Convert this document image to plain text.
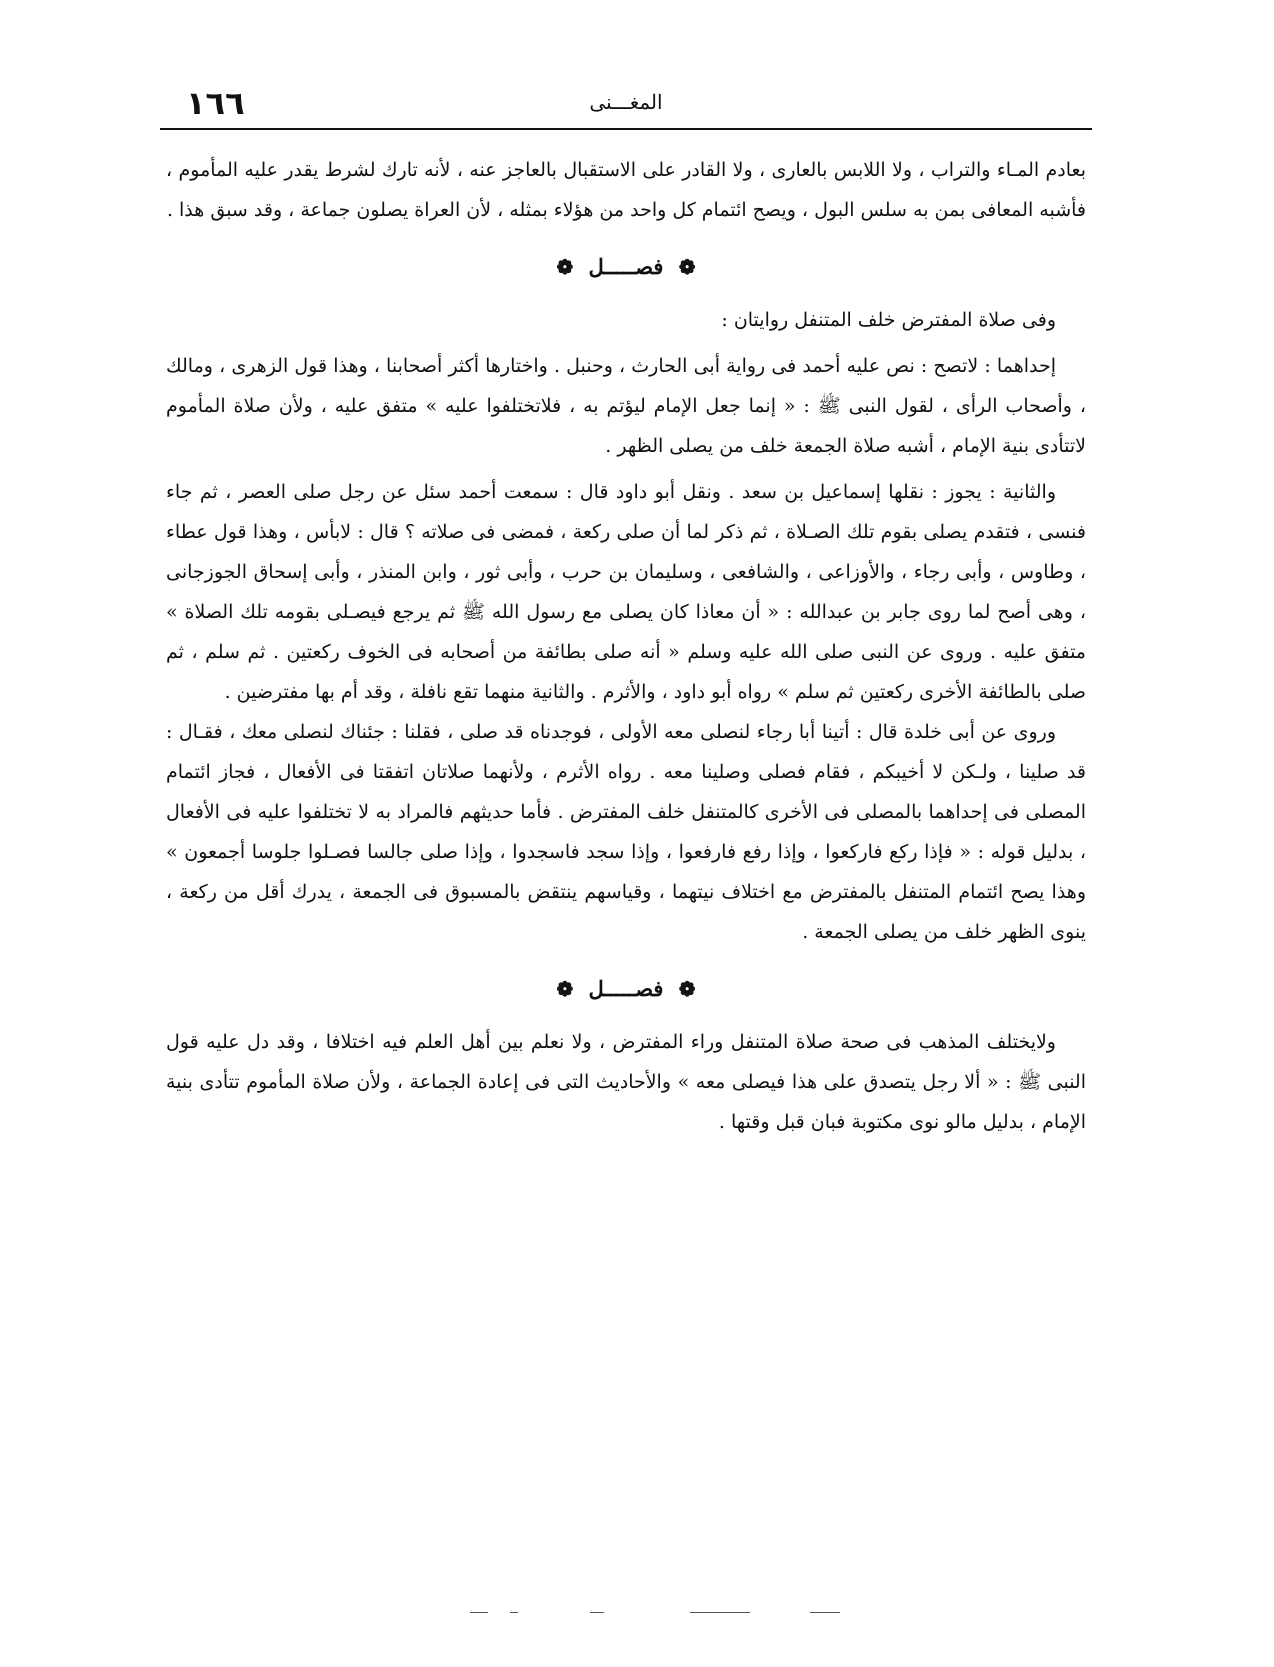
١٦٦	المغـــنى

بعادم المـاء والتراب ، ولا اللابس بالعارى ، ولا القادر على الاستقبال بالعاجز عنه ، لأنه تارك لشرط يقدر عليه المأموم ، فأشبه المعافى بمن به سلس البول ، ويصح ائتمام كل واحد من هؤلاء بمثله ، لأن العراة يصلون جماعة ، وقد سبق هذا .

❁ فصـــــل ❁

وفى صلاة المفترض خلف المتنفل روايتان :

إحداهما : لاتصح : نص عليه أحمد فى رواية أبى الحارث ، وحنبل . واختارها أكثر أصحابنا ، وهذا قول الزهرى ، ومالك ، وأصحاب الرأى ، لقول النبى ﷺ : « إنما جعل الإمام ليؤتم به ، فلاتختلفوا عليه » متفق عليه ، ولأن صلاة المأموم لاتتأدى بنية الإمام ، أشبه صلاة الجمعة خلف من يصلى الظهر .

والثانية : يجوز : نقلها إسماعيل بن سعد . ونقل أبو داود قال : سمعت أحمد سئل عن رجل صلى العصر ، ثم جاء فنسى ، فتقدم يصلى بقوم تلك الصـلاة ، ثم ذكر لما أن صلى ركعة ، فمضى فى صلاته ؟ قال : لابأس ، وهذا قول عطاء ، وطاوس ، وأبى رجاء ، والأوزاعى ، والشافعى ، وسليمان بن حرب ، وأبى ثور ، وابن المنذر ، وأبى إسحاق الجوزجانى ، وهى أصح لما روى جابر بن عبدالله : « أن معاذا كان يصلى مع رسول الله ﷺ ثم يرجع فيصـلى بقومه تلك الصلاة » متفق عليه . وروى عن النبى صلى الله عليه وسلم « أنه صلى بطائفة من أصحابه فى الخوف ركعتين . ثم سلم ، ثم صلى بالطائفة الأخرى ركعتين ثم سلم » رواه أبو داود ، والأثرم . والثانية منهما تقع نافلة ، وقد أم بها مفترضين .

وروى عن أبى خلدة قال : أتينا أبا رجاء لنصلى معه الأولى ، فوجدناه قد صلى ، فقلنا : جئناك لنصلى معك ، فقـال : قد صلينا ، ولـكن لا أخيبكم ، فقام فصلى وصلينا معه . رواه الأثرم ، ولأنهما صلاتان اتفقتا فى الأفعال ، فجاز ائتمام المصلى فى إحداهما بالمصلى فى الأخرى كالمتنفل خلف المفترض . فأما حديثهم فالمراد به لا تختلفوا عليه فى الأفعال ، بدليل قوله : « فإذا ركع فاركعوا ، وإذا رفع فارفعوا ، وإذا سجد فاسجدوا ، وإذا صلى جالسا فصـلوا جلوسا أجمعون » وهذا يصح ائتمام المتنفل بالمفترض مع اختلاف نيتهما ، وقياسهم ينتقض بالمسبوق فى الجمعة ، يدرك أقل من ركعة ، ينوى الظهر خلف من يصلى الجمعة .

❁ فصـــــل ❁

ولايختلف المذهب فى صحة صلاة المتنفل وراء المفترض ، ولا نعلم بين أهل العلم فيه اختلافا ، وقد دل عليه قول النبى ﷺ : « ألا رجل يتصدق على هذا فيصلى معه » والأحاديث التى فى إعادة الجماعة ، ولأن صلاة المأموم تتأدى بنية الإمام ، بدليل مالو نوى مكتوبة فبان قبل وقتها .
